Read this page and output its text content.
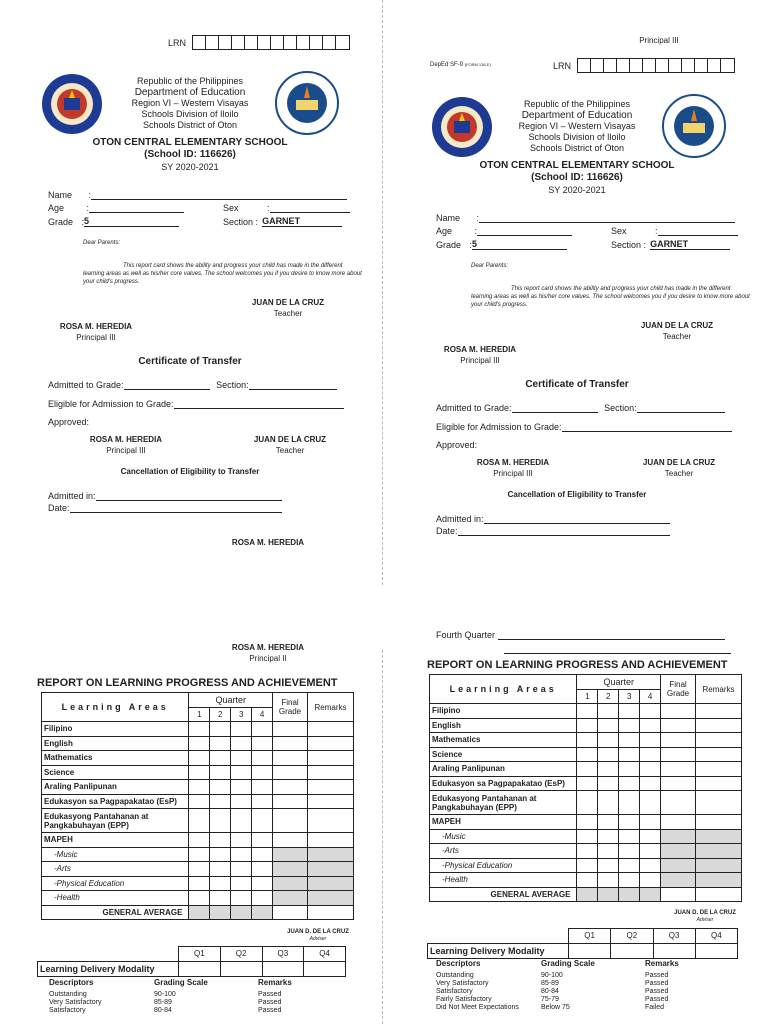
LRN
Republic of the Philippines
Department of Education
Region VI – Western Visayas
Schools Division of Iloilo
Schools District of Oton
OTON CENTRAL ELEMENTARY SCHOOL
(School ID: 116626)
SY 2020-2021
Name :
Age	:
Grade :5
Sex	:
Section : GARNET
Dear Parents:
This report card shows the ability and progress your child has made in the different learning areas as well as his/her core values. The school welcomes you if you desire to know more about your child's progress.
JUAN DE LA CRUZ
Teacher
ROSA M. HEREDIA
Principal III
Certificate of Transfer
Admitted to Grade:	Section:
Eligible for Admission to Grade:
Approved:
ROSA M. HEREDIA
Principal III
JUAN DE LA CRUZ
Teacher
Cancellation of Eligibility to Transfer
Admitted in:
Date:
ROSA M. HEREDIA
Principal III
DepEd SF-9 (FORM 138-E)	LRN
Republic of the Philippines
Department of Education
Region VI – Western Visayas
Schools Division of Iloilo
Schools District of Oton
OTON CENTRAL ELEMENTARY SCHOOL
(School ID: 116626)
SY 2020-2021
Name :
Age	:
Grade :5
Sex	:
Section : GARNET
Dear Parents:
This report card shows the ability and progress your child has made in the different learning areas as well as his/her core values. The school welcomes you if you desire to know more about your child's progress.
JUAN DE LA CRUZ
Teacher
ROSA M. HEREDIA
Principal III
Certificate of Transfer
Admitted to Grade:	Section:
Eligible for Admission to Grade:
Approved:
ROSA M. HEREDIA
Principal III
JUAN DE LA CRUZ
Teacher
Cancellation of Eligibility to Transfer
Admitted in:
Date:
ROSA M. HEREDIA
Principal II
REPORT ON LEARNING PROGRESS AND ACHIEVEMENT
Learning Areas	Quarter				Final Grade	Remarks
	1	2	3	4		
Filipino						
English						
Mathematics						
Science						
Araling Panlipunan						
Edukasyon sa Pagpapakatao (EsP)						
Edukasyong Pantahanan at Pangkabuhayan (EPP)						
MAPEH						
-Music						
-Arts						
-Physical Education						
-Health						
GENERAL AVERAGE						
JUAN D. DE LA CRUZ
Adviser
Q1	Q2	Q3	Q4
Learning Delivery Modality				
Descriptors	Grading Scale	Remarks
Outstanding	90-100	Passed
Very Satisfactory	85-89	Passed
Satisfactory	80-84	Passed
Fourth Quarter
REPORT ON LEARNING PROGRESS AND ACHIEVEMENT
Learning Areas	Quarter				Final Grade	Remarks
	1	2	3	4		
Filipino						
English						
Mathematics						
Science						
Araling Panlipunan						
Edukasyon sa Pagpapakatao (EsP)						
Edukasyong Pantahanan at Pangkabuhayan (EPP)						
MAPEH						
-Music						
-Arts						
-Physical Education						
-Health						
GENERAL AVERAGE						
JUAN D. DE LA CRUZ
Adviser
Q1	Q2	Q3	Q4
Learning Delivery Modality				
Descriptors	Grading Scale	Remarks
Outstanding	90-100	Passed
Very Satisfactory	85-89	Passed
Satisfactory	80-84	Passed
Fairly Satisfactory	75-79	Passed
Did Not Meet Expectations	Below 75	Failed
